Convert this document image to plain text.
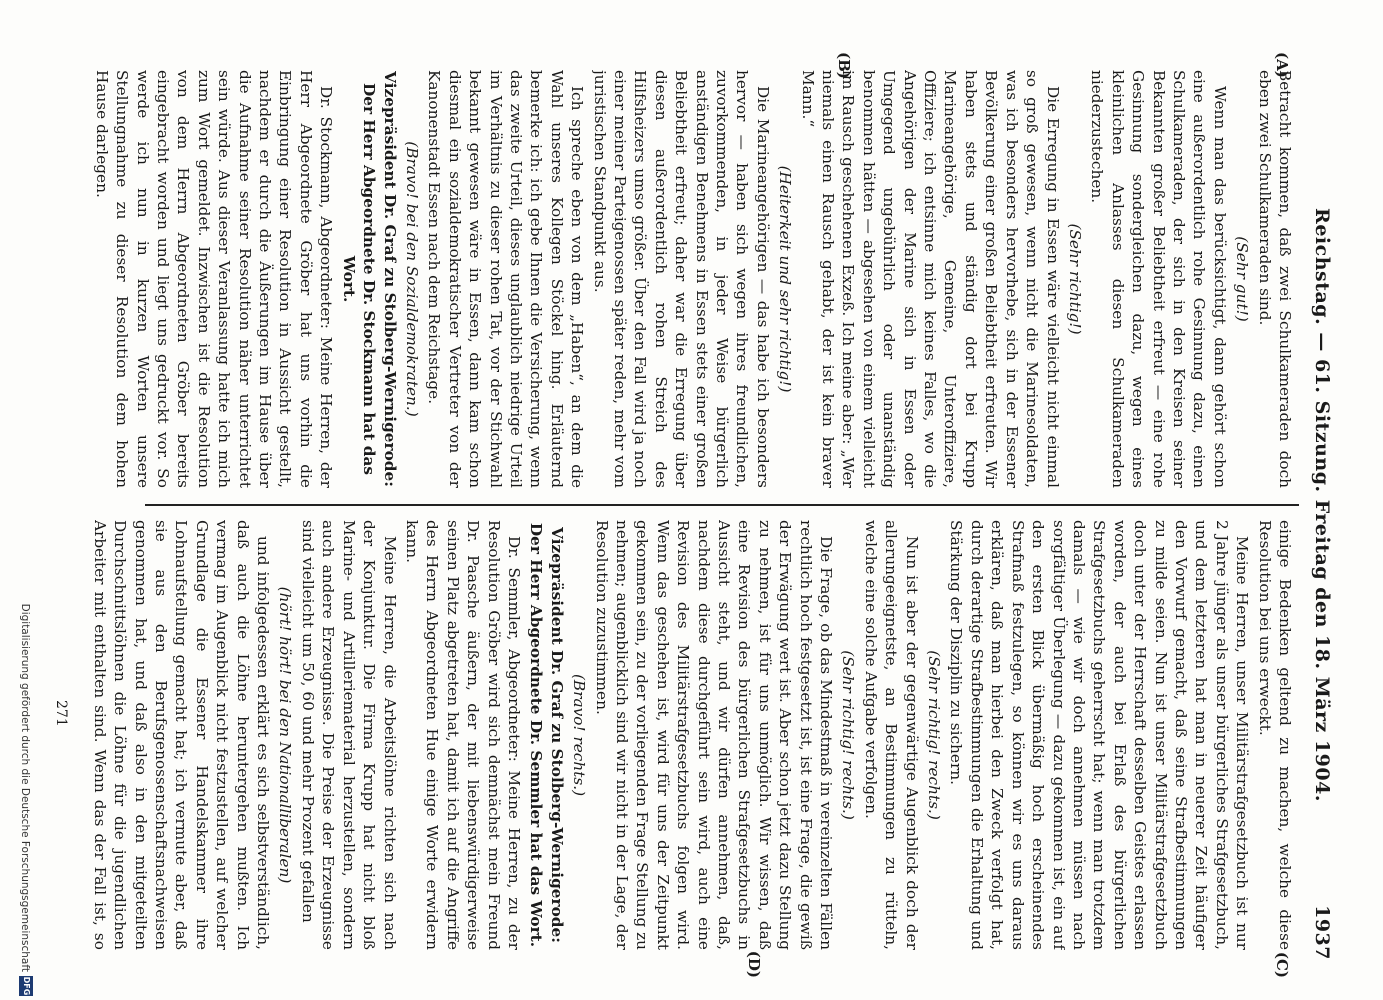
Reichstag. — 61. Sitzung. Freitag den 18. März 1904.
1937
(A)
(B)
(C)
(D)

Betracht kommen, daß zwei Schulkameraden doch eben zwei Schulkameraden sind.

(Sehr gut!)

Wenn man das berücksichtigt, dann gehört schon eine außerordentlich rohe Gesinnung dazu, einen Schulkameraden, der sich in den Kreisen seiner Bekannten großer Beliebtheit erfreut — eine rohe Gesinnung sondergleichen dazu, wegen eines kleinlichen Anlasses diesen Schulkameraden niederzustechen.

(Sehr richtig!)

Die Erregung in Essen wäre vielleicht nicht einmal so groß gewesen, wenn nicht die Marinesoldaten, was ich besonders hervorhebe, sich in der Essener Bevölkerung einer großen Beliebtheit erfreuten. Wir haben stets und ständig dort bei Krupp Marineangehörige, Gemeine, Unteroffiziere, Offiziere; ich entsinne mich keines Falles, wo die Angehörigen der Marine sich in Essen oder Umgegend ungebührlich oder unanständig benommen hätten — abgesehen von einem vielleicht im Rausch geschehenen Exzeß. Ich meine aber: „Wer niemals einen Rausch gehabt, der ist kein braver Mann.“

(Heiterkeit und sehr richtig!)

Die Marineangehörigen — das habe ich besonders hervor — haben sich wegen ihres freundlichen, zuvorkommenden, in jeder Weise bürgerlich anständigen Benehmens in Essen stets einer großen Beliebtheit erfreut; daher war die Erregung über diesen außerordentlich rohen Streich des Hilfsheizers umso größer. Über den Fall wird ja noch einer meiner Parteigenossen später reden, mehr vom juristischen Standpunkt aus.

Ich spreche eben von dem „Haben“, an dem die Wahl unseres Kollegen Stöckel hing. Erläuternd bemerke ich: ich gebe Ihnen die Versicherung, wenn das zweite Urteil, dieses unglaublich niedrige Urteil im Verhältnis zu dieser rohen Tat, vor der Stichwahl bekannt gewesen wäre in Essen, dann kam schon diesmal ein sozialdemokratischer Vertreter von der Kanonenstadt Essen nach dem Reichstage.

(Bravo! bei den Sozialdemokraten.)

Vizepräsident Dr. Graf zu Stolberg-Wernigerode: Der Herr Abgeordnete Dr. Stockmann hat das Wort.

Dr. Stockmann, Abgeordneter: Meine Herren, der Herr Abgeordnete Gröber hat uns vorhin die Einbringung einer Resolution in Aussicht gestellt, nachdem er durch die Äußerungen im Hause über die Aufnahme seiner Resolution näher unterrichtet sein würde. Aus dieser Veranlassung hatte ich mich zum Wort gemeldet. Inzwischen ist die Resolution von dem Herrn Abgeordneten Gröber bereits eingebracht worden und liegt uns gedruckt vor. So werde ich nun in kurzen Worten unsere Stellungnahme zu dieser Resolution dem hohen Hause darlegen.

einige Bedenken geltend zu machen, welche diese Resolution bei uns erweckt.

Meine Herren, unser Militärstrafgesetzbuch ist nur 2 Jahre jünger als unser bürgerliches Strafgesetzbuch, und dem letzteren hat man in neuerer Zeit häufiger den Vorwurf gemacht, daß seine Strafbestimmungen zu milde seien. Nun ist unser Militärstrafgesetzbuch doch unter der Herrschaft desselben Geistes erlassen worden, der auch bei Erlaß des bürgerlichen Strafgesetzbuchs geherrscht hat; wenn man trotzdem damals — wie wir doch annehmen müssen nach sorgfältiger Überlegung — dazu gekommen ist, ein auf den ersten Blick übermäßig hoch erscheinendes Strafmaß festzulegen, so können wir es uns daraus erklären, daß man hierbei den Zweck verfolgt hat, durch derartige Strafbestimmungen die Erhaltung und Stärkung der Disziplin zu sichern.

(Sehr richtig! rechts.)

Nun ist aber der gegenwärtige Augenblick doch der allerungeeignetste, an Bestimmungen zu rütteln, welche eine solche Aufgabe verfolgen.

(Sehr richtig! rechts.)

Die Frage, ob das Mindestmaß in vereinzelten Fällen rechtlich hoch festgesetzt ist, ist eine Frage, die gewiß der Erwägung wert ist. Aber schon jetzt dazu Stellung zu nehmen, ist für uns unmöglich. Wir wissen, daß eine Revision des bürgerlichen Strafgesetzbuchs in Aussicht steht, und wir dürfen annehmen, daß, nachdem diese durchgeführt sein wird, auch eine Revision des Militärstrafgesetzbuchs folgen wird. Wenn das geschehen ist, wird für uns der Zeitpunkt gekommen sein, zu der vorliegenden Frage Stellung zu nehmen; augenblicklich sind wir nicht in der Lage, der Resolution zuzustimmen.

(Bravo! rechts.)

Vizepräsident Dr. Graf zu Stolberg-Wernigerode: Der Herr Abgeordnete Dr. Semmler hat das Wort.

Dr. Semmler, Abgeordneter: Meine Herren, zu der Resolution Gröber wird sich demnächst mein Freund Dr. Paasche äußern, der mit liebenswürdigerweise seinen Platz abgetreten hat, damit ich auf die Angriffe des Herrn Abgeordneten Hue einige Worte erwidern kann.

Meine Herren, die Arbeitslöhne richten sich nach der Konjunktur. Die Firma Krupp hat nicht bloß Marine- und Artilleriematerial herzustellen, sondern auch andere Erzeugnisse. Die Preise der Erzeugnisse sind vielleicht um 50, 60 und mehr Prozent gefallen

(hört! hört! bei den Nationalliberalen)

und infolgedessen erklärt es sich selbstverständlich, daß auch die Löhne heruntergehen mußten. Ich vermag im Augenblick nicht festzustellen, auf welcher Grundlage die Essener Handelskammer ihre Lohnaufstellung gemacht hat; ich vermute aber, daß sie aus den Berufsgenossenschaftsnachweisen genommen hat, und daß also in den mitgeteilten Durchschnittslöhnen die Löhne für die jugendlichen Arbeiter mit enthalten sind. Wenn das der Fall ist, so

271
Digitalisierung gefördert durch die Deutsche Forschungsgemeinschaft
DFG
